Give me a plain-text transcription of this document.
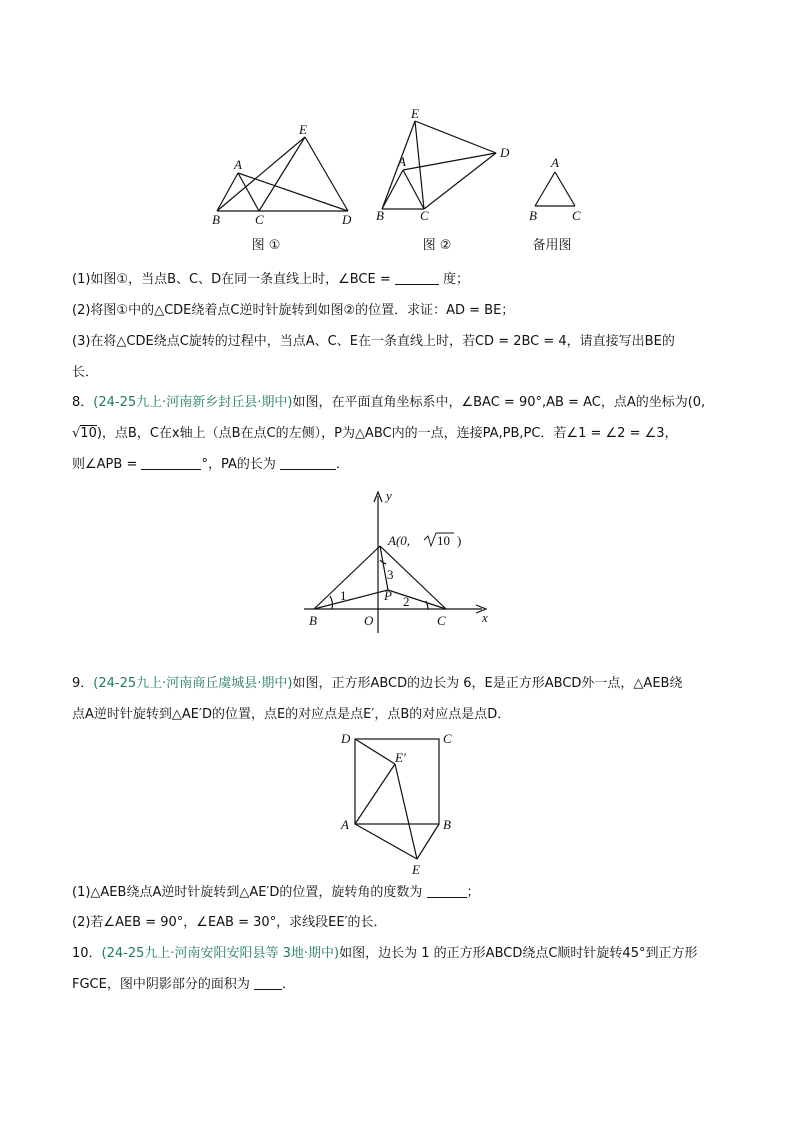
E
A
B	C	D
图 ①
E
D
A
B	C
图 ②
A
B	C
备用图
(1)如图①，当点B、C、D在同一条直线上时，∠BCE =	度；
(2)将图①中的△CDE绕着点C逆时针旋转到如图②的位置．求证：AD = BE；
(3)在将△CDE绕点C旋转的过程中，当点A、C、E在一条直线上时，若CD = 2BC = 4，请直接写出BE的
长．
8．(24-25九上·河南新乡封丘县·期中)如图，在平面直角坐标系中，∠BAC = 90°,AB = AC，点A的坐标为(0,
√10)，点B，C在x轴上（点B在点C的左侧），P为△ABC内的一点，连接PA,PB,PC．若∠1 = ∠2 = ∠3，
则∠APB =	°，PA的长为	．
y
A(0, 10 )
3
1	P 2
B	O	C	x
9．(24-25九上·河南商丘虞城县·期中)如图，正方形ABCD的边长为 6，E是正方形ABCD外一点，△AEB绕
点A逆时针旋转到△AE′D的位置，点E的对应点是点E′，点B的对应点是点D．
D	C
E′
A	B
E
(1)△AEB绕点A逆时针旋转到△AE′D的位置，旋转角的度数为	；
(2)若∠AEB = 90°，∠EAB = 30°，求线段EE′的长．
10．(24-25九上·河南安阳安阳县等 3地·期中)如图，边长为 1 的正方形ABCD绕点C顺时针旋转45°到正方形
FGCE，图中阴影部分的面积为 ．
